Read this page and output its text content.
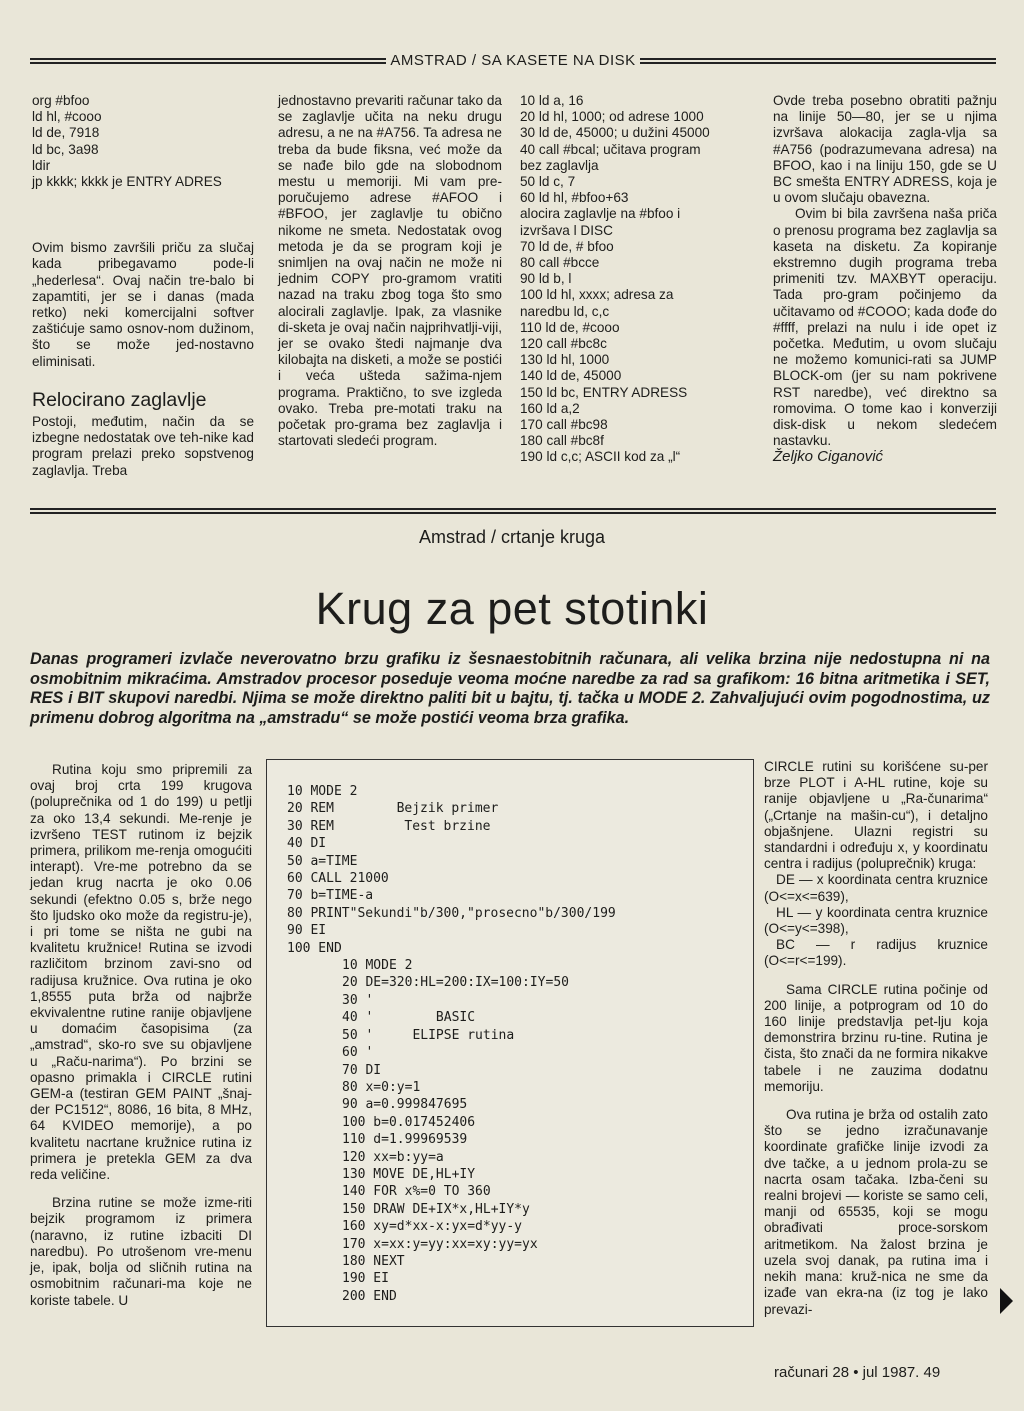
AMSTRAD / SA KASETE NA DISK
org #bfoo
ld hl, #cooo
ld de, 7918
ld bc, 3a98
ldir
jp kkkk; kkkk je ENTRY ADRES

Ovim bismo završili priču za slučaj kada pribegavamo pode-li „hederlesa“. Ovaj način tre-balo bi zapamtiti, jer se i danas (mada retko) neki komercijalni softver zaštićuje samo osnov-nom dužinom, što se može jed-nostavno eliminisati.

Relocirano zaglavlje

Postoji, međutim, način da se izbegne nedostatak ove teh-nike kad program prelazi preko sopstvenog zaglavlja. Treba

jednostavno prevariti računar tako da se zaglavlje učita na neku drugu adresu, a ne na #A756. Ta adresa ne treba da bude fiksna, već može da se nađe bilo gde na slobodnom mestu u memoriji. Mi vam pre-poručujemo adrese #AFOO i #BFOO, jer zaglavlje tu obično nikome ne smeta. Nedostatak ovog metoda je da se program koji je snimljen na ovaj način ne može ni jednim COPY pro-gramom vratiti nazad na traku zbog toga što smo alocirali zaglavlje. Ipak, za vlasnike di-sketa je ovaj način najprihvatlji-viji, jer se ovako štedi najmanje dva kilobajta na disketi, a može se postići i veća ušteda sažima-njem programa. Praktično, to sve izgleda ovako. Treba pre-motati traku na početak pro-grama bez zaglavlja i startovati sledeći program.

10 ld a, 16
20 ld hl, 1000; od adrese 1000
30 ld de, 45000; u dužini 45000
40 call #bcal; učitava program
bez zaglavlja
50 ld c, 7
60 ld hl, #bfoo+63
alocira zaglavlje na #bfoo i
izvršava l DISC
70 ld de, # bfoo
80 call #bcce
90 ld b, l
100 ld hl, xxxx; adresa za
naredbu ld, c,c
110 ld de, #cooo
120 call #bc8c
130 ld hl, 1000
140 ld de, 45000
150 ld bc, ENTRY ADRESS
160 ld a,2
170 call #bc98
180 call #bc8f
190 ld c,c; ASCII kod za „l“

Ovde treba posebno obratiti pažnju na linije 50—80, jer se u njima izvršava alokacija zagla-vlja sa #A756 (podrazumevana adresa) na BFOO, kao i na liniju 150, gde se U BC smešta ENTRY ADRESS, koja je u ovom slučaju obavezna.

Ovim bi bila završena naša priča o prenosu programa bez zaglavlja sa kaseta na disketu. Za kopiranje ekstremno dugih programa treba primeniti tzv. MAXBYT operaciju. Tada pro-gram počinjemo da učitavamo od #COOO; kada dođe do #ffff, prelazi na nulu i ide opet iz početka. Međutim, u ovom slučaju ne možemo komunici-rati sa JUMP BLOCK-om (jer su nam pokrivene RST naredbe), već direktno sa romovima. O tome kao i konverziji disk-disk u nekom sledećem nastavku.

Željko Ciganović

Amstrad / crtanje kruga
Krug za pet stotinki
Danas programeri izvlače neverovatno brzu grafiku iz šesnaestobitnih računara, ali velika brzina nije nedostupna ni na osmobitnim mikraćima. Amstradov procesor poseduje veoma moćne naredbe za rad sa grafikom: 16 bitna aritmetika i SET, RES i BIT skupovi naredbi. Njima se može direktno paliti bit u bajtu, tj. tačka u MODE 2. Zahvaljujući ovim pogodnostima, uz primenu dobrog algoritma na „amstradu“ se može postići veoma brza grafika.

Rutina koju smo pripremili za ovaj broj crta 199 krugova (poluprečnika od 1 do 199) u petlji za oko 13,4 sekundi. Me-renje je izvršeno TEST rutinom iz bejzik primera, prilikom me-renja omogućiti interapt). Vre-me potrebno da se jedan krug nacrta je oko 0.06 sekundi (efektno 0.05 s, brže nego što ljudsko oko može da registru-je), i pri tome se ništa ne gubi na kvalitetu kružnice! Rutina se izvodi različitom brzinom zavi-sno od radijusa kružnice. Ova rutina je oko 1,8555 puta brža od najbrže ekvivalentne rutine ranije objavljene u domaćim časopisima (za „amstrad“, sko-ro sve su objavljene u „Raču-narima“). Po brzini se opasno primakla i CIRCLE rutini GEM-a (testiran GEM PAINT „šnaj-der PC1512“, 8086, 16 bita, 8 MHz, 64 KVIDEO memorije), a po kvalitetu nacrtane kružnice rutina iz primera je pretekla GEM za dva reda veličine.

Brzina rutine se može izme-riti bejzik programom iz primera (naravno, iz rutine izbaciti DI naredbu). Po utrošenom vre-menu je, ipak, bolja od sličnih rutina na osmobitnim računari-ma koje ne koriste tabele. U

10 MODE 2
20 REM        Bejzik primer
30 REM         Test brzine
40 DI
50 a=TIME
60 CALL 21000
70 b=TIME-a
80 PRINT"Sekundi"b/300,"prosecno"b/300/199
90 EI
100 END
10 MODE 2
20 DE=320:HL=200:IX=100:IY=50
30 '
40 '        BASIC
50 '     ELIPSE rutina
60 '
70 DI
80 x=0:y=1
90 a=0.999847695
100 b=0.017452406
110 d=1.99969539
120 xx=b:yy=a
130 MOVE DE,HL+IY
140 FOR x%=0 TO 360
150 DRAW DE+IX*x,HL+IY*y
160 xy=d*xx-x:yx=d*yy-y
170 x=xx:y=yy:xx=xy:yy=yx
180 NEXT
190 EI
200 END

CIRCLE rutini su korišćene su-per brze PLOT i A-HL rutine, koje su ranije objavljene u „Ra-čunarima“ („Crtanje na mašin-cu“), i detaljno objašnjene. Ulazni registri su standardni i određuju x, y koordinatu centra i radijus (poluprečnik) kruga:

DE — x koordinata centra kruznice (O<=x<=639),

HL — y koordinata centra kruznice (O<=y<=398),

BC — r radijus kruznice (O<=r<=199).

Sama CIRCLE rutina počinje od 200 linije, a potprogram od 10 do 160 linije predstavlja pet-lju koja demonstrira brzinu ru-tine. Rutina je čista, što znači da ne formira nikakve tabele i ne zauzima dodatnu memoriju.

Ova rutina je brža od ostalih zato što se jedno izračunavanje koordinate grafičke linije izvodi za dve tačke, a u jednom prola-zu se nacrta osam tačaka. Izba-čeni su realni brojevi — koriste se samo celi, manji od 65535, koji se mogu obrađivati proce-sorskom aritmetikom. Na žalost brzina je uzela svoj danak, pa rutina ima i nekih mana: kruž-nica ne sme da izađe van ekra-na (iz tog je lako prevazi-

računari 28 • jul 1987. 49
